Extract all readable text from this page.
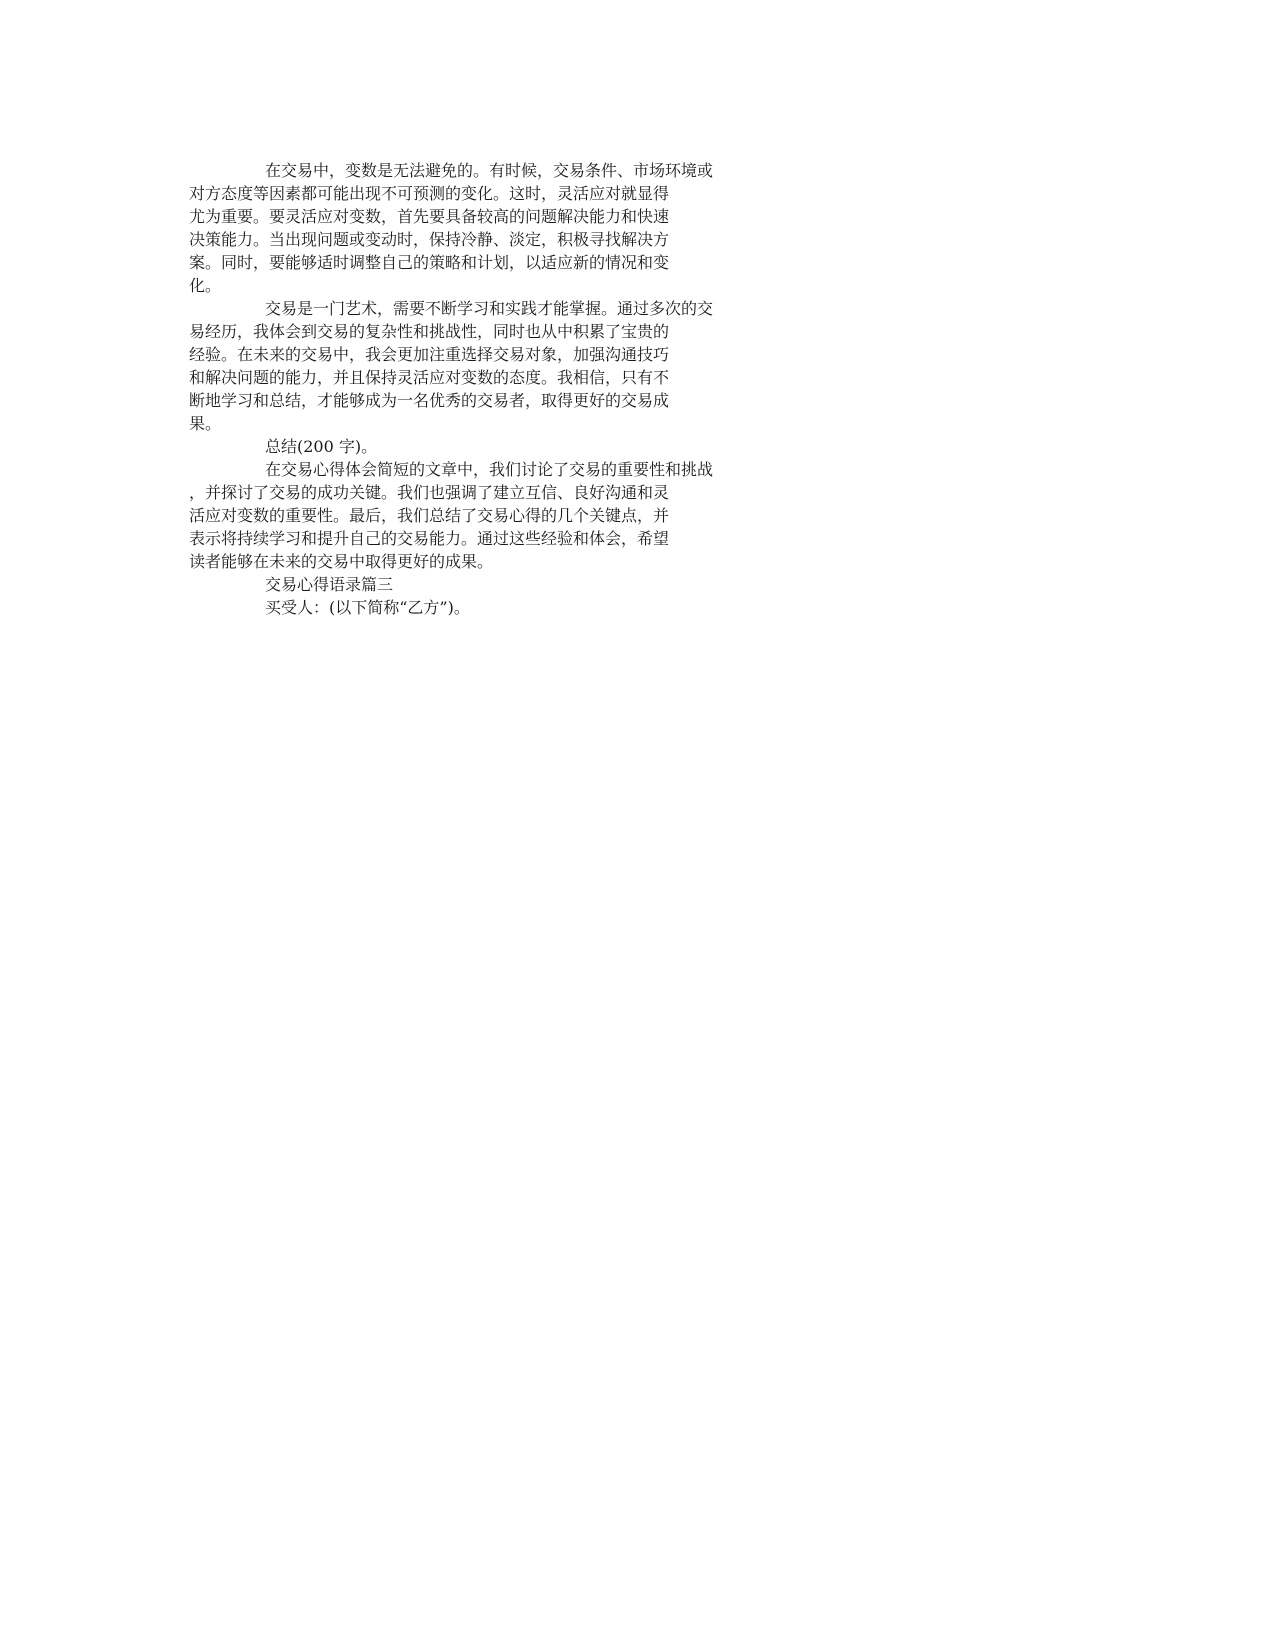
在交易中，变数是无法避免的。有时候，交易条件、市场环境或
对方态度等因素都可能出现不可预测的变化。这时，灵活应对就显得
尤为重要。要灵活应对变数，首先要具备较高的问题解决能力和快速
决策能力。当出现问题或变动时，保持冷静、淡定，积极寻找解决方
案。同时，要能够适时调整自己的策略和计划，以适应新的情况和变
化。
交易是一门艺术，需要不断学习和实践才能掌握。通过多次的交
易经历，我体会到交易的复杂性和挑战性，同时也从中积累了宝贵的
经验。在未来的交易中，我会更加注重选择交易对象，加强沟通技巧
和解决问题的能力，并且保持灵活应对变数的态度。我相信，只有不
断地学习和总结，才能够成为一名优秀的交易者，取得更好的交易成
果。
总结(200 字)。
在交易心得体会简短的文章中，我们讨论了交易的重要性和挑战
，并探讨了交易的成功关键。我们也强调了建立互信、良好沟通和灵
活应对变数的重要性。最后，我们总结了交易心得的几个关键点，并
表示将持续学习和提升自己的交易能力。通过这些经验和体会，希望
读者能够在未来的交易中取得更好的成果。
交易心得语录篇三
买受人：(以下简称“乙方”)。
